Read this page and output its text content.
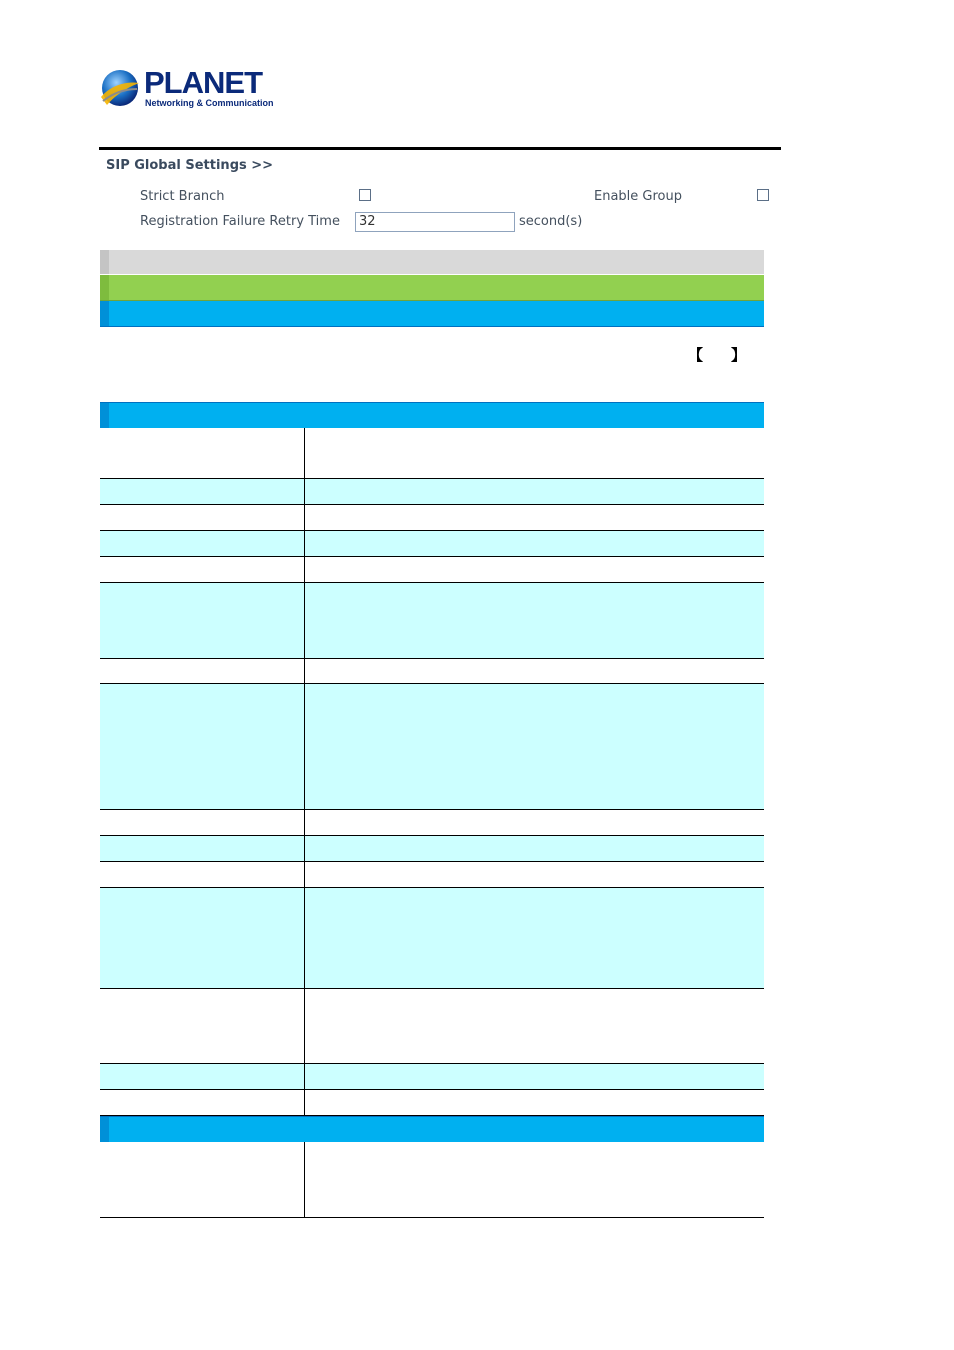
PLANET
Networking & Communication
SIP Global Settings >>
Strict Branch	Enable Group
Registration Failure Retry Time	32	second(s)
【 】
